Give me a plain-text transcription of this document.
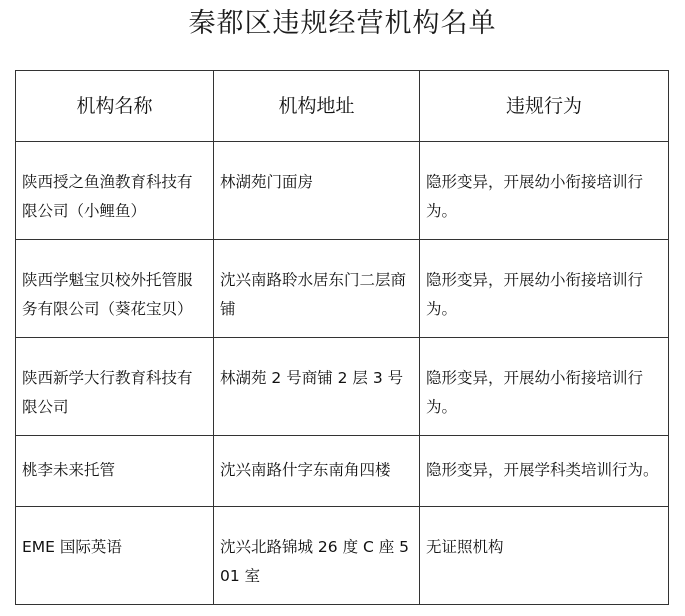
秦都区违规经营机构名单
机构名称	机构地址	违规行为
陕西授之鱼渔教育科技有限公司（小鲤鱼）	林湖苑门面房	隐形变异，开展幼小衔接培训行为。
陕西学魁宝贝校外托管服务有限公司（葵花宝贝）	沈兴南路聆水居东门二层商铺	隐形变异，开展幼小衔接培训行为。
陕西新学大行教育科技有限公司	林湖苑 2 号商铺 2 层 3 号	隐形变异，开展幼小衔接培训行为。
桃李未来托管	沈兴南路什字东南角四楼	隐形变异，开展学科类培训行为。
EME 国际英语	沈兴北路锦城 26 度 C 座 501 室	无证照机构
